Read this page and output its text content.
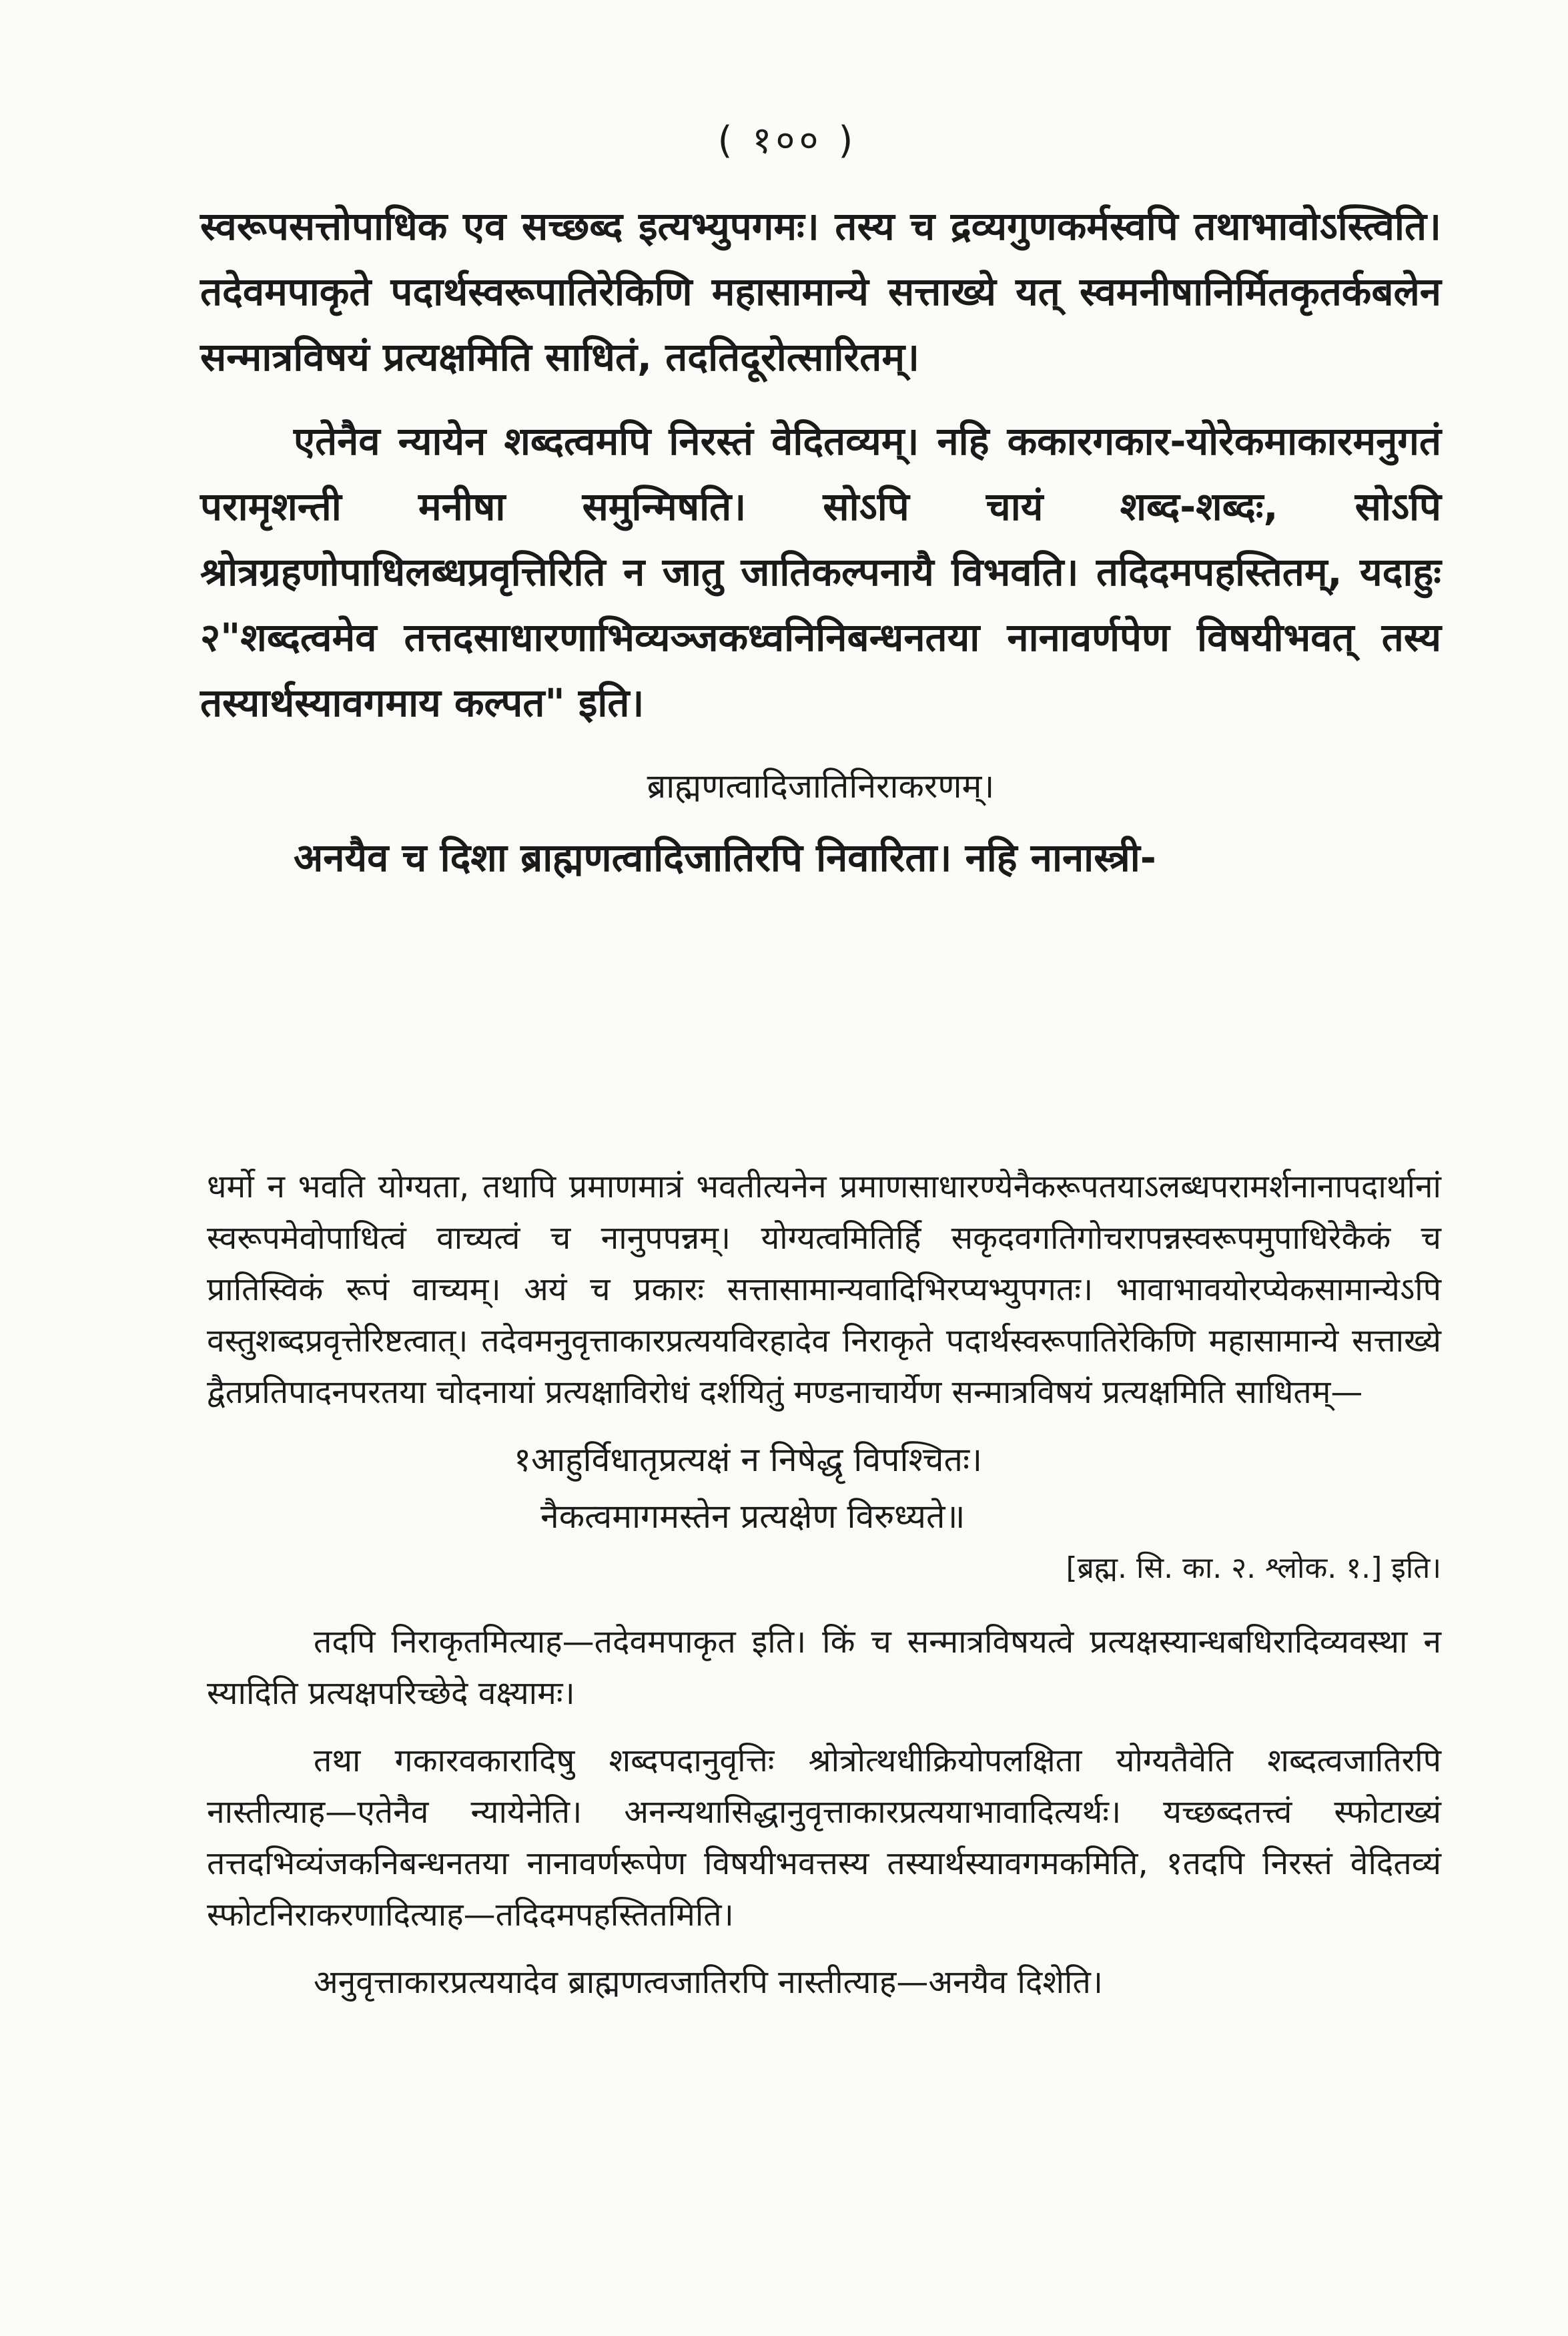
( १०० )

स्वरूपसत्तोपाधिक एव सच्छब्द इत्यभ्युपगमः। तस्य च द्रव्यगुणकर्मस्वपि तथाभावोऽस्त्विति। तदेवमपाकृते पदार्थस्वरूपातिरेकिणि महासामान्ये सत्ताख्ये यत् स्वमनीषानिर्मितकृतर्कबलेन सन्मात्रविषयं प्रत्यक्षमिति साधितं, तदतिदूरोत्सारितम्।

एतेनैव न्यायेन शब्दत्वमपि निरस्तं वेदितव्यम्। नहि ककारगकार-योरेकमाकारमनुगतं परामृशन्ती मनीषा समुन्मिषति। सोऽपि चायं शब्द-शब्दः, सोऽपि श्रोत्रग्रहणोपाधिलब्धप्रवृत्तिरिति न जातु जातिकल्पनायै विभवति। तदिदमपहस्तितम्, यदाहुः २"शब्दत्वमेव तत्तदसाधारणाभिव्यञ्जकध्वनिनिबन्धनतया नानावर्णपेण विषयीभवत् तस्य तस्यार्थस्यावगमाय कल्पत" इति।

ब्राह्मणत्वादिजातिनिराकरणम्।

अनयैव च दिशा ब्राह्मणत्वादिजातिरपि निवारिता। नहि नानास्त्री-

धर्मो न भवति योग्यता, तथापि प्रमाणमात्रं भवतीत्यनेन प्रमाणसाधारण्येनैकरूपतयाऽलब्धपरामर्शनानापदार्थानां स्वरूपमेवोपाधित्वं वाच्यत्वं च नानुपपन्नम्। योग्यत्वमितिर्हि सकृदवगतिगोचरापन्नस्वरूपमुपाधिरेकैकं च प्रातिस्विकं रूपं वाच्यम्। अयं च प्रकारः सत्तासामान्यवादिभिरप्यभ्युपगतः। भावाभावयोरप्येकसामान्येऽपि वस्तुशब्दप्रवृत्तेरिष्टत्वात्। तदेवमनुवृत्ताकारप्रत्ययविरहादेव निराकृते पदार्थस्वरूपातिरेकिणि महासामान्ये सत्ताख्ये द्वैतप्रतिपादनपरतया चोदनायां प्रत्यक्षाविरोधं दर्शयितुं मण्डनाचार्येण सन्मात्रविषयं प्रत्यक्षमिति साधितम्—

१आहुर्विधातृप्रत्यक्षं न निषेद्धृ विपश्चितः।
नैकत्वमागमस्तेन प्रत्यक्षेण विरुध्यते॥
[ब्रह्म. सि. का. २. श्लोक. १.] इति।

तदपि निराकृतमित्याह—तदेवमपाकृत इति। किं च सन्मात्रविषयत्वे प्रत्यक्षस्यान्धबधिरादिव्यवस्था न स्यादिति प्रत्यक्षपरिच्छेदे वक्ष्यामः।

तथा गकारवकारादिषु शब्दपदानुवृत्तिः श्रोत्रोत्थधीक्रियोपलक्षिता योग्यतैवेति शब्दत्वजातिरपि नास्तीत्याह—एतेनैव न्यायेनेति। अनन्यथासिद्धानुवृत्ताकारप्रत्ययाभावादित्यर्थः। यच्छब्दतत्त्वं स्फोटाख्यं तत्तदभिव्यंजकनिबन्धनतया नानावर्णरूपेण विषयीभवत्तस्य तस्यार्थस्यावगमकमिति, १तदपि निरस्तं वेदितव्यं स्फोटनिराकरणादित्याह—तदिदमपहस्तितमिति।

अनुवृत्ताकारप्रत्ययादेव ब्राह्मणत्वजातिरपि नास्तीत्याह—अनयैव दिशेति।
